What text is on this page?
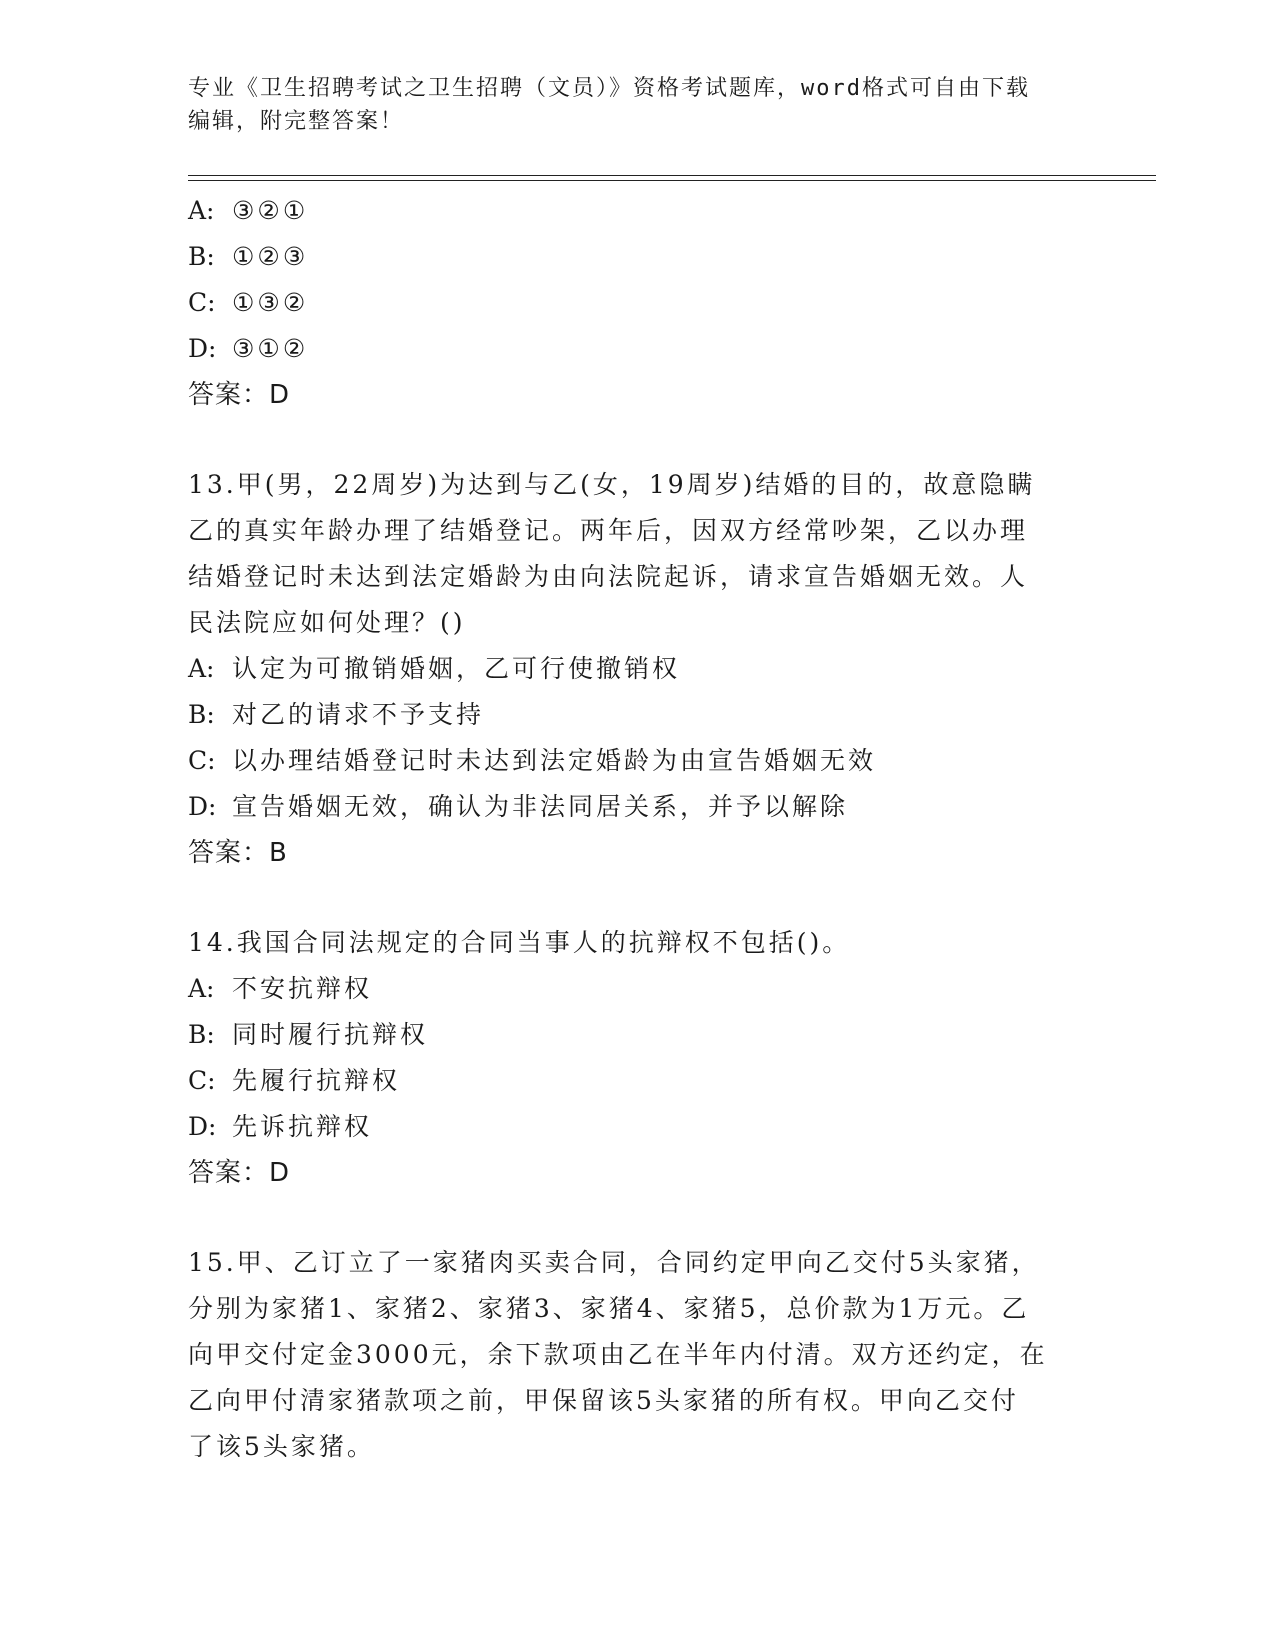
专业《卫生招聘考试之卫生招聘（文员）》资格考试题库，word格式可自由下载
编辑，附完整答案！
A: ③②①
B: ①②③
C: ①③②
D: ③①②
答案：D
13.甲(男，22周岁)为达到与乙(女，19周岁)结婚的目的，故意隐瞒
乙的真实年龄办理了结婚登记。两年后，因双方经常吵架，乙以办理
结婚登记时未达到法定婚龄为由向法院起诉，请求宣告婚姻无效。人
民法院应如何处理？()
A: 认定为可撤销婚姻，乙可行使撤销权
B: 对乙的请求不予支持
C: 以办理结婚登记时未达到法定婚龄为由宣告婚姻无效
D: 宣告婚姻无效，确认为非法同居关系，并予以解除
答案：B
14.我国合同法规定的合同当事人的抗辩权不包括()。
A: 不安抗辩权
B: 同时履行抗辩权
C: 先履行抗辩权
D: 先诉抗辩权
答案：D
15.甲、乙订立了一家猪肉买卖合同，合同约定甲向乙交付5头家猪，
分别为家猪1、家猪2、家猪3、家猪4、家猪5，总价款为1万元。乙
向甲交付定金3000元，余下款项由乙在半年内付清。双方还约定，在
乙向甲付清家猪款项之前，甲保留该5头家猪的所有权。甲向乙交付
了该5头家猪。
